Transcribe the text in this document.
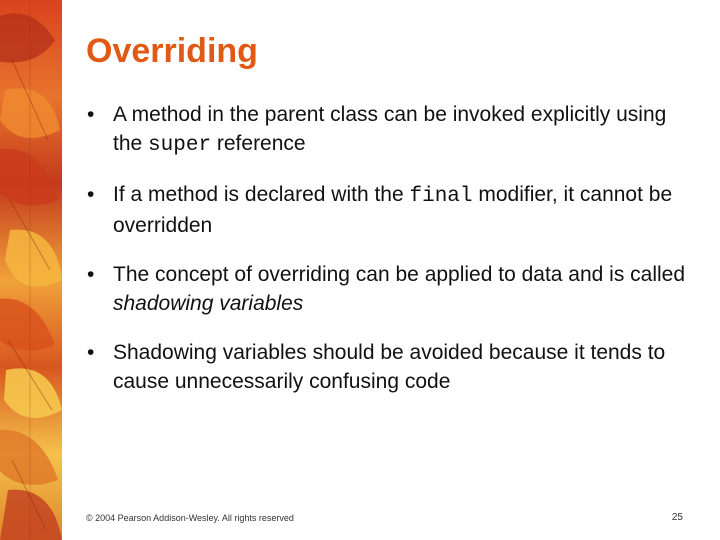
Overriding
• A method in the parent class can be invoked explicitly using the super reference
• If a method is declared with the final modifier, it cannot be overridden
• The concept of overriding can be applied to data and is called shadowing variables
• Shadowing variables should be avoided because it tends to cause unnecessarily confusing code
© 2004 Pearson Addison-Wesley. All rights reserved	25
